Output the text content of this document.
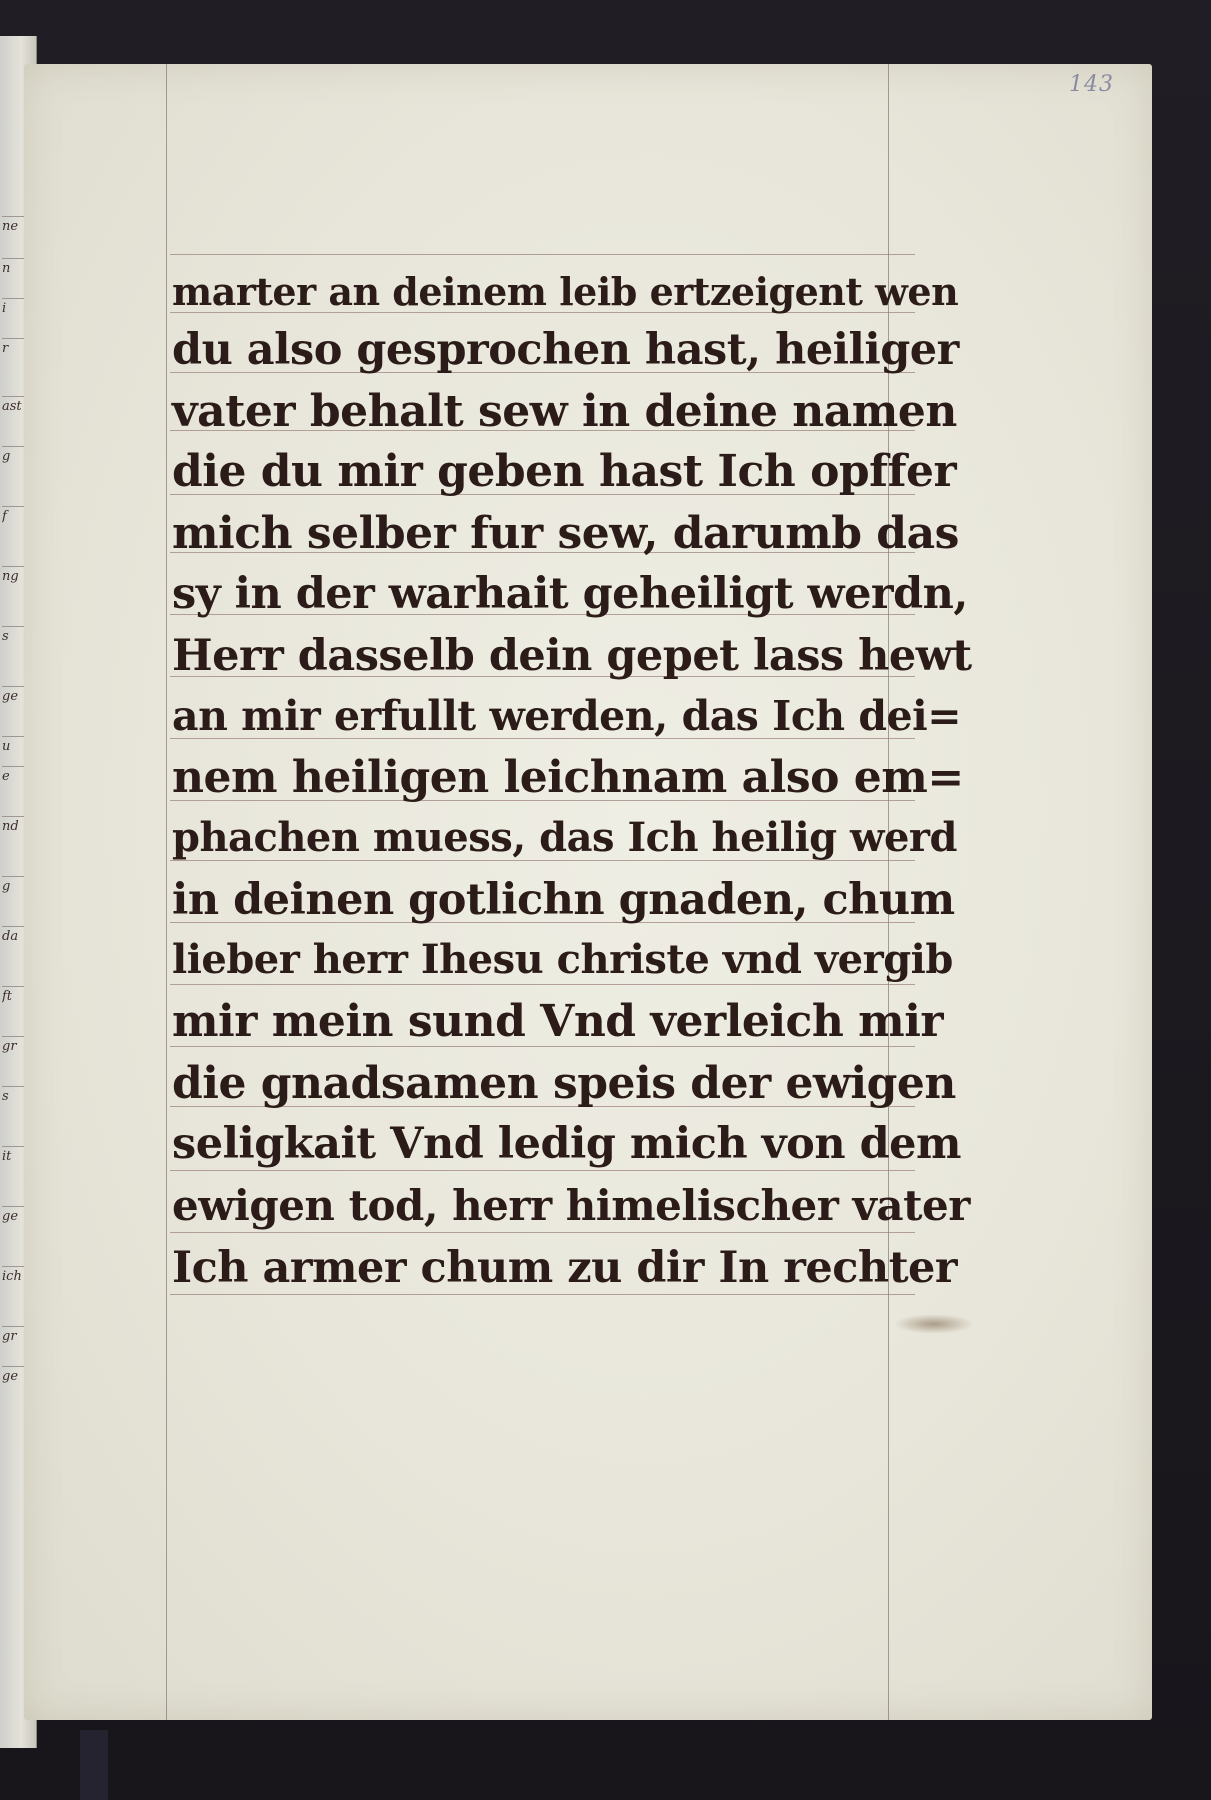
ne
n
i
r
ast
g
f
ng
s
ge
u
e
nd
g
da
ft
gr
s
it
ge
ich
gr
ge
143
marter an deinem leib ertzeigent wen
du also gesprochen hast, heiliger
vater behalt sew in deine namen
die du mir geben hast Ich opffer
mich selber fur sew, darumb das
sy in der warhait geheiligt werdn,
Herr dasselb dein gepet lass hewt
an mir erfullt werden, das Ich dei=
nem heiligen leichnam also em=
phachen muess, das Ich heilig werd
in deinen gotlichn gnaden, chum
lieber herr Ihesu christe vnd vergib
mir mein sund Vnd verleich mir
die gnadsamen speis der ewigen
seligkait Vnd ledig mich von dem
ewigen tod, herr himelischer vater
Ich armer chum zu dir In rechter
